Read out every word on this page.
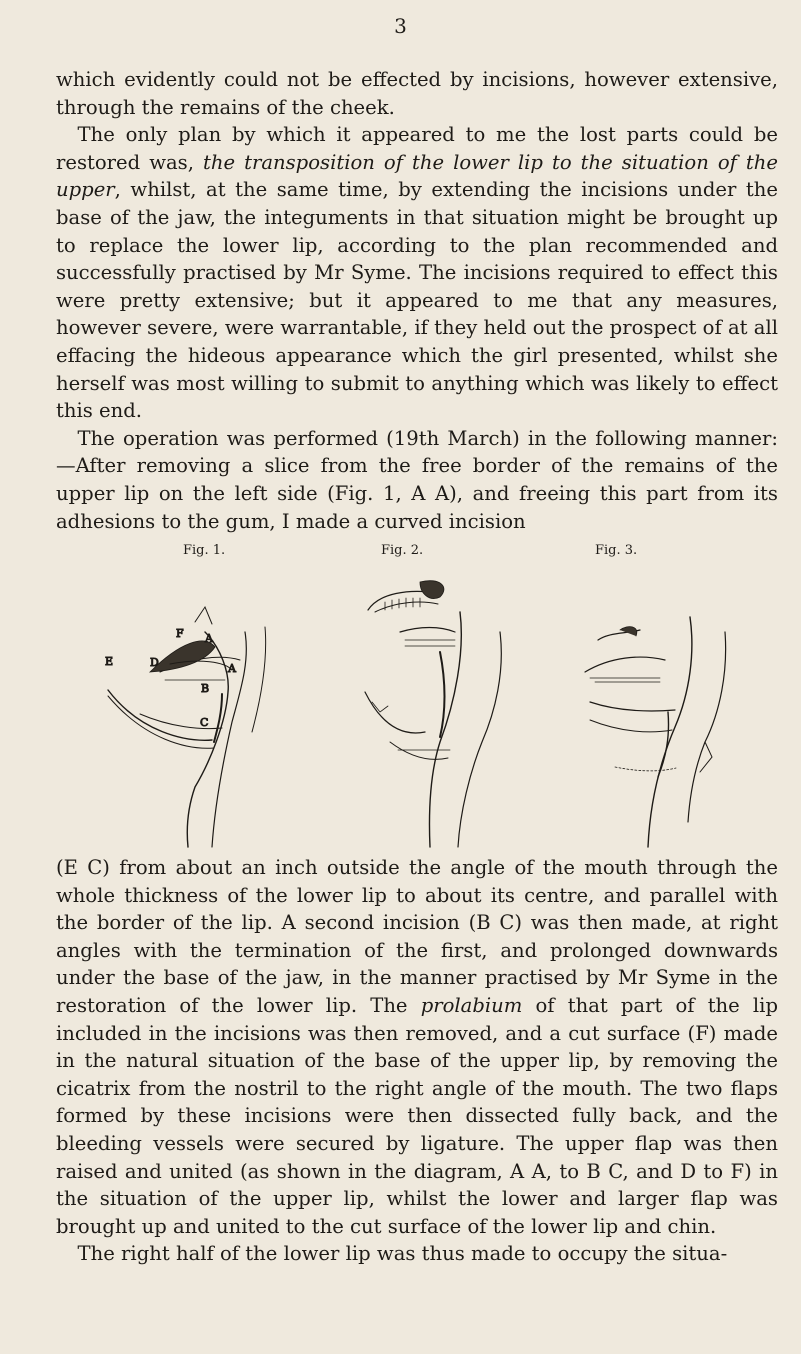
3

which evidently could not be effected by incisions, however extensive, through the remains of the cheek.

The only plan by which it appeared to me the lost parts could be restored was, the transposition of the lower lip to the situation of the upper, whilst, at the same time, by extending the incisions under the base of the jaw, the integuments in that situation might be brought up to replace the lower lip, according to the plan recommended and successfully practised by Mr Syme. The incisions required to effect this were pretty extensive; but it appeared to me that any measures, however severe, were warrantable, if they held out the prospect of at all effacing the hideous appearance which the girl presented, whilst she herself was most willing to submit to anything which was likely to effect this end.

The operation was performed (19th March) in the following manner:—After removing a slice from the free border of the remains of the upper lip on the left side (Fig. 1, A A), and freeing this part from its adhesions to the gum, I made a curved incision

Fig. 1.	Fig. 2.	Fig. 3.
F A
A
D
B
C
E

(E C) from about an inch outside the angle of the mouth through the whole thickness of the lower lip to about its centre, and parallel with the border of the lip. A second incision (B C) was then made, at right angles with the termination of the first, and prolonged downwards under the base of the jaw, in the manner practised by Mr Syme in the restoration of the lower lip. The prolabium of that part of the lip included in the incisions was then removed, and a cut surface (F) made in the natural situation of the base of the upper lip, by removing the cicatrix from the nostril to the right angle of the mouth. The two flaps formed by these incisions were then dissected fully back, and the bleeding vessels were secured by ligature. The upper flap was then raised and united (as shown in the diagram, A A, to B C, and D to F) in the situation of the upper lip, whilst the lower and larger flap was brought up and united to the cut surface of the lower lip and chin.

The right half of the lower lip was thus made to occupy the situa-
